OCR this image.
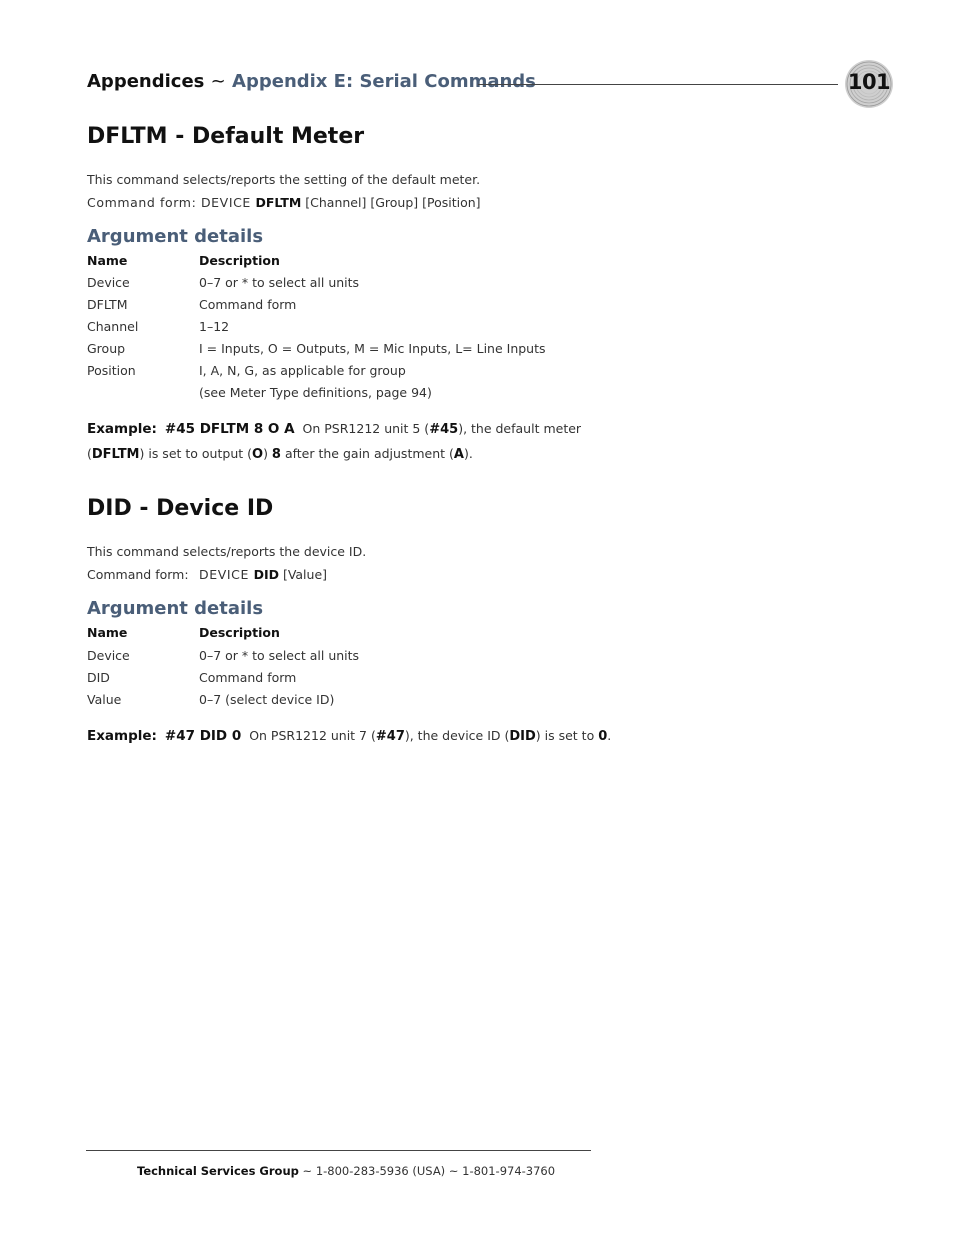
Appendices ~ Appendix E: Serial Commands	101
DFLTM - Default Meter
This command selects/reports the setting of the default meter.
Command form: DEVICE DFLTM [Channel] [Group] [Position]
Argument details
Name	Description
Device	0–7 or * to select all units
DFLTM	Command form
Channel	1–12
Group	I = Inputs, O = Outputs, M = Mic Inputs, L= Line Inputs
Position	I, A, N, G, as applicable for group
(see Meter Type definitions, page 94)
Example: #45 DFLTM 8 O A On PSR1212 unit 5 (#45), the default meter
(DFLTM) is set to output (O) 8 after the gain adjustment (A).
DID - Device ID
This command selects/reports the device ID.
Command form: DEVICE DID [Value]
Argument details
Name	Description
Device	0–7 or * to select all units
DID	Command form
Value	0–7 (select device ID)
Example: #47 DID 0 On PSR1212 unit 7 (#47), the device ID (DID) is set to 0.
Technical Services Group ~ 1-800-283-5936 (USA) ~ 1-801-974-3760
